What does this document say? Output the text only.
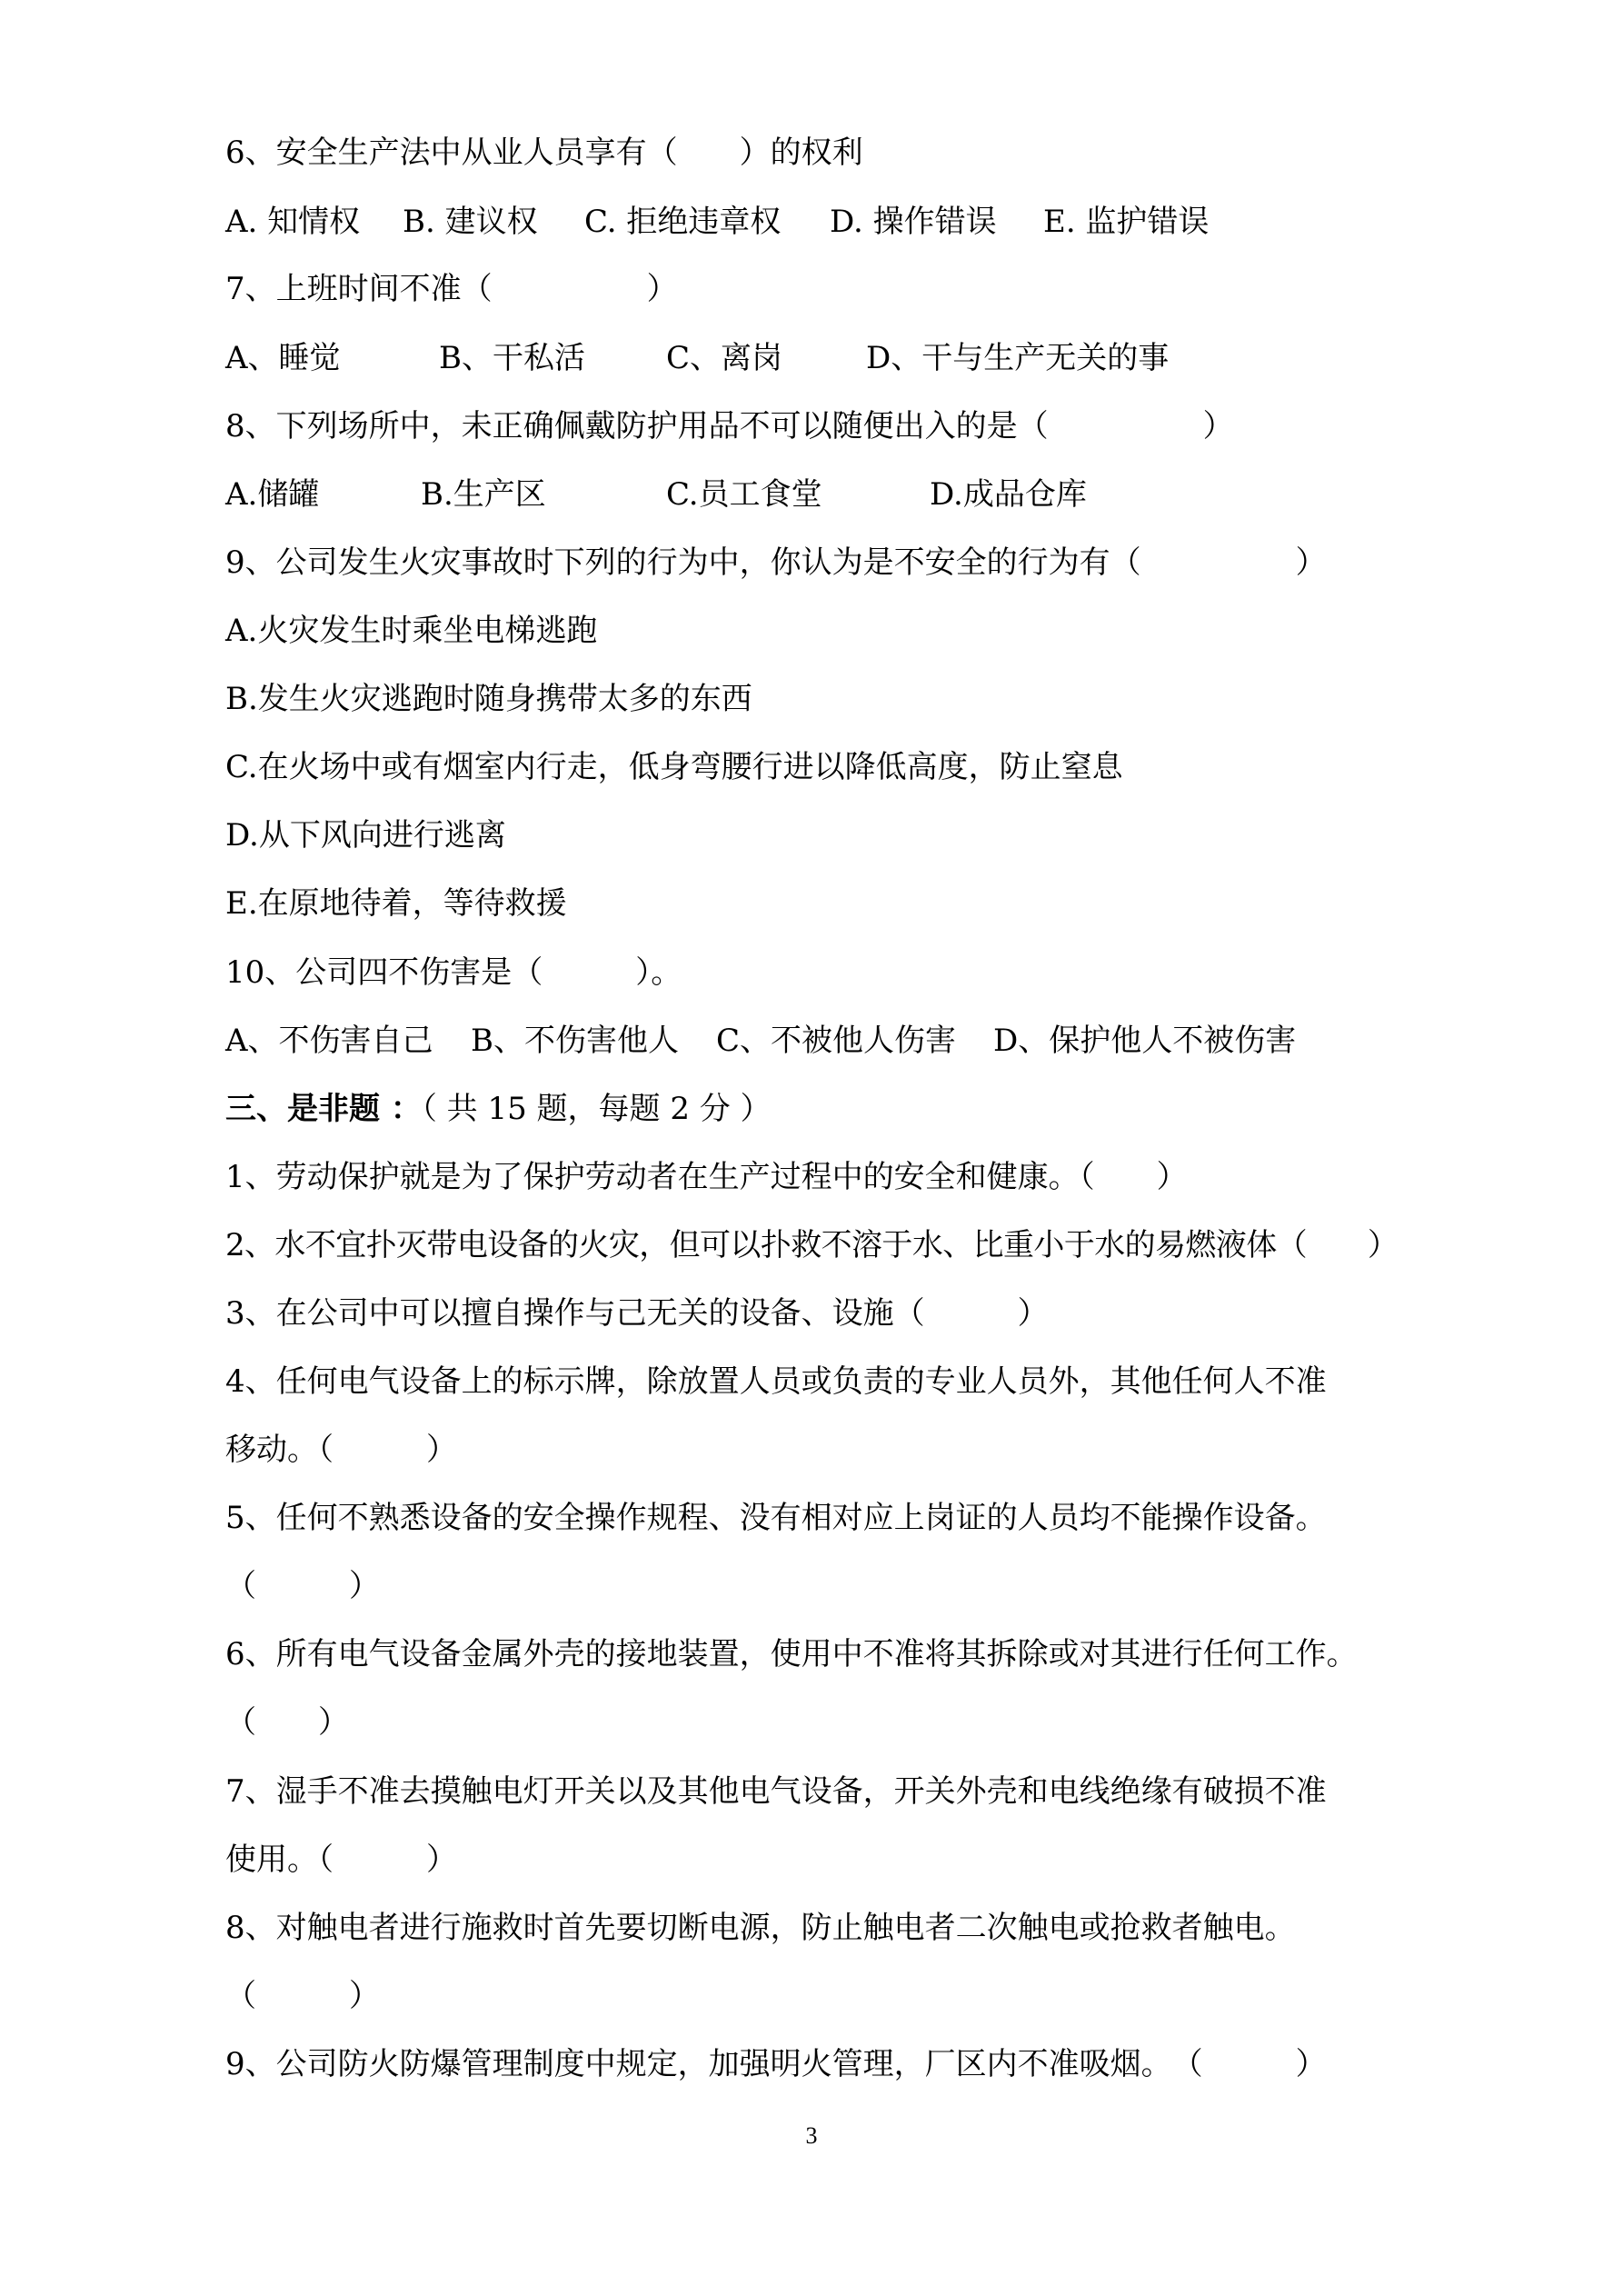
6、安全生产法中从业人员享有（　　）的权利
A. 知情权	B. 建议权	C. 拒绝违章权	D. 操作错误	E. 监护错误
7、上班时间不准（　　　　　）
A、睡觉	B、干私活	C、离岗	D、干与生产无关的事
8、下列场所中，未正确佩戴防护用品不可以随便出入的是（　　　　　）
A.储罐	B.生产区	C.员工食堂	D.成品仓库
9、公司发生火灾事故时下列的行为中，你认为是不安全的行为有（　　　　　）
A.火灾发生时乘坐电梯逃跑
B.发生火灾逃跑时随身携带太多的东西
C.在火场中或有烟室内行走，低身弯腰行进以降低高度，防止窒息
D.从下风向进行逃离
E.在原地待着，等待救援
10、公司四不伤害是（　　　）。
A、不伤害自己	B、不伤害他人	C、不被他人伤害	D、保护他人不被伤害
三、是非题 ：（ 共 15 题，每题 2 分 ）
1、劳动保护就是为了保护劳动者在生产过程中的安全和健康。（　　）
2、水不宜扑灭带电设备的火灾，但可以扑救不溶于水、比重小于水的易燃液体（　　）
3、在公司中可以擅自操作与己无关的设备、设施（　　　）
4、任何电气设备上的标示牌，除放置人员或负责的专业人员外，其他任何人不准
移动。（　　　）
5、任何不熟悉设备的安全操作规程、没有相对应上岗证的人员均不能操作设备。
（　　　）
6、所有电气设备金属外壳的接地装置，使用中不准将其拆除或对其进行任何工作。
（　　）
7、湿手不准去摸触电灯开关以及其他电气设备，开关外壳和电线绝缘有破损不准
使用。（　　　）
8、对触电者进行施救时首先要切断电源，防止触电者二次触电或抢救者触电。
（　　　）
9、公司防火防爆管理制度中规定，加强明火管理，厂区内不准吸烟。　（　　　）
3
